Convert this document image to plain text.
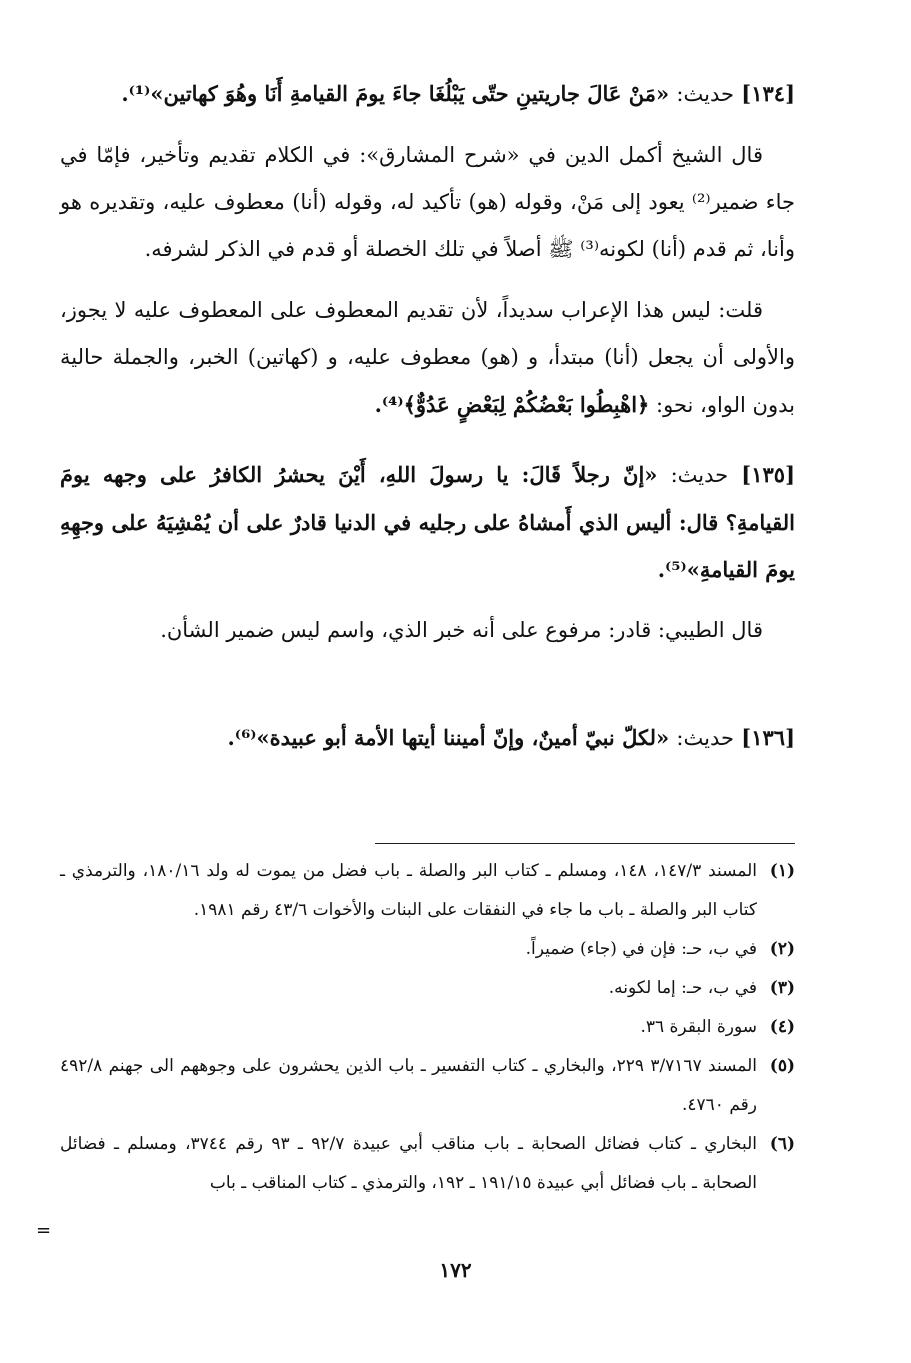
[١٣٤] حديث: «مَنْ عَالَ جاريتينِ حتّى يَبْلُغَا جاءَ يومَ القيامةِ أَنَا وهُوَ كهاتين»⁽¹⁾.

قال الشيخ أكمل الدين في «شرح المشارق»: في الكلام تقديم وتأخير، فإمّا في جاء ضمير⁽²⁾ يعود إلى مَنْ، وقوله (هو) تأكيد له، وقوله (أنا) معطوف عليه، وتقديره هو وأنا، ثم قدم (أنا) لكونه⁽³⁾ ﷺ أصلاً في تلك الخصلة أو قدم في الذكر لشرفه.

قلت: ليس هذا الإعراب سديداً، لأن تقديم المعطوف على المعطوف عليه لا يجوز، والأولى أن يجعل (أنا) مبتدأ، و (هو) معطوف عليه، و (كهاتين) الخبر، والجملة حالية بدون الواو، نحو: ﴿اهْبِطُوا بَعْضُكُمْ لِبَعْضٍ عَدُوٌّ﴾⁽⁴⁾.

[١٣٥] حديث: «إنّ رجلاً قَالَ: يا رسولَ اللهِ، أَيْنَ يحشرُ الكافرُ على وجهه يومَ القيامةِ؟ قال: أليس الذي أَمشاهُ على رجليه في الدنيا قادرٌ على أن يُمْشِيَهُ على وجهِهِ يومَ القيامةِ»⁽⁵⁾.

قال الطيبي: قادر: مرفوع على أنه خبر الذي، واسم ليس ضمير الشأن.

[١٣٦] حديث: «لكلّ نبيّ أمينٌ، وإنّ أميننا أيتها الأمة أبو عبيدة»⁽⁶⁾.

(١)
المسند ١٤٧/٣، ١٤٨، ومسلم ـ كتاب البر والصلة ـ باب فضل من يموت له ولد ١٨٠/١٦، والترمذي ـ كتاب البر والصلة ـ باب ما جاء في النفقات على البنات والأخوات ٤٣/٦ رقم ١٩٨١.

(٢)
في ب، حـ: فإن في (جاء) ضميراً.

(٣)
في ب، حـ: إما لكونه.

(٤)
سورة البقرة ٣٦.

(٥)
المسند ٣/٧١٦٧ ٢٢٩، والبخاري ـ كتاب التفسير ـ باب الذين يحشرون على وجوههم الى جهنم ٤٩٢/٨ رقم ٤٧٦٠.

(٦)
البخاري ـ كتاب فضائل الصحابة ـ باب مناقب أبي عبيدة ٩٢/٧ ـ ٩٣ رقم ٣٧٤٤، ومسلم ـ فضائل الصحابة ـ باب فضائل أبي عبيدة ١٩١/١٥ ـ ١٩٢، والترمذي ـ كتاب المناقب ـ باب

=
١٧٢
